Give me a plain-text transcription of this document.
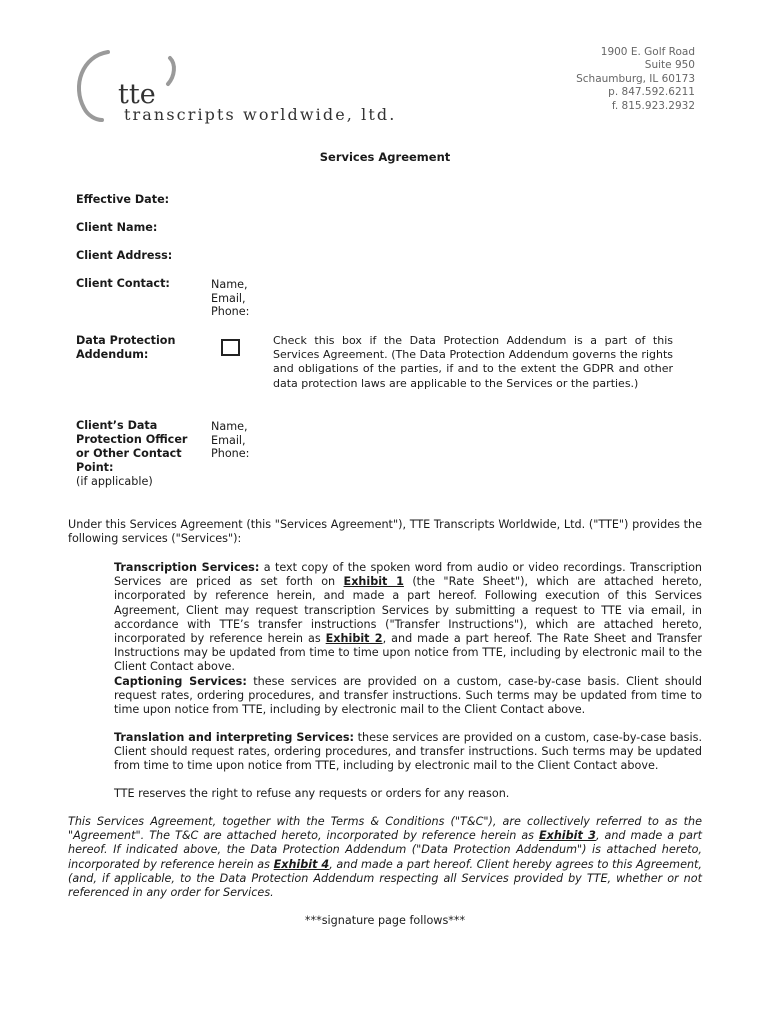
tte
transcripts worldwide, ltd.
1900 E. Golf Road
Suite 950
Schaumburg, IL 60173
p. 847.592.6211
f. 815.923.2932
Services Agreement
Effective Date:
Client Name:
Client Address:
Client Contact:	Name,
Email,
Phone:
Data Protection
Addendum:
Check this box if the Data Protection Addendum is a part of this Services Agreement. (The Data Protection Addendum governs the rights and obligations of the parties, if and to the extent the GDPR and other data protection laws are applicable to the Services or the parties.)
Client’s Data
Protection Officer
or Other Contact
Point:
(if applicable)
Name,
Email,
Phone:
Under this Services Agreement (this "Services Agreement"), TTE Transcripts Worldwide, Ltd. ("TTE") provides the following services ("Services"):
Transcription Services: a text copy of the spoken word from audio or video recordings. Transcription Services are priced as set forth on Exhibit 1 (the "Rate Sheet"), which are attached hereto, incorporated by reference herein, and made a part hereof. Following execution of this Services Agreement, Client may request transcription Services by submitting a request to TTE via email, in accordance with TTE’s transfer instructions ("Transfer Instructions"), which are attached hereto, incorporated by reference herein as Exhibit 2, and made a part hereof. The Rate Sheet and Transfer Instructions may be updated from time to time upon notice from TTE, including by electronic mail to the Client Contact above.
Captioning Services: these services are provided on a custom, case-by-case basis. Client should request rates, ordering procedures, and transfer instructions. Such terms may be updated from time to time upon notice from TTE, including by electronic mail to the Client Contact above.
Translation and interpreting Services: these services are provided on a custom, case-by-case basis. Client should request rates, ordering procedures, and transfer instructions. Such terms may be updated from time to time upon notice from TTE, including by electronic mail to the Client Contact above.
TTE reserves the right to refuse any requests or orders for any reason.
This Services Agreement, together with the Terms & Conditions ("T&C"), are collectively referred to as the "Agreement". The T&C are attached hereto, incorporated by reference herein as Exhibit 3, and made a part hereof. If indicated above, the Data Protection Addendum ("Data Protection Addendum") is attached hereto, incorporated by reference herein as Exhibit 4, and made a part hereof. Client hereby agrees to this Agreement, (and, if applicable, to the Data Protection Addendum respecting all Services provided by TTE, whether or not referenced in any order for Services.
***signature page follows***
